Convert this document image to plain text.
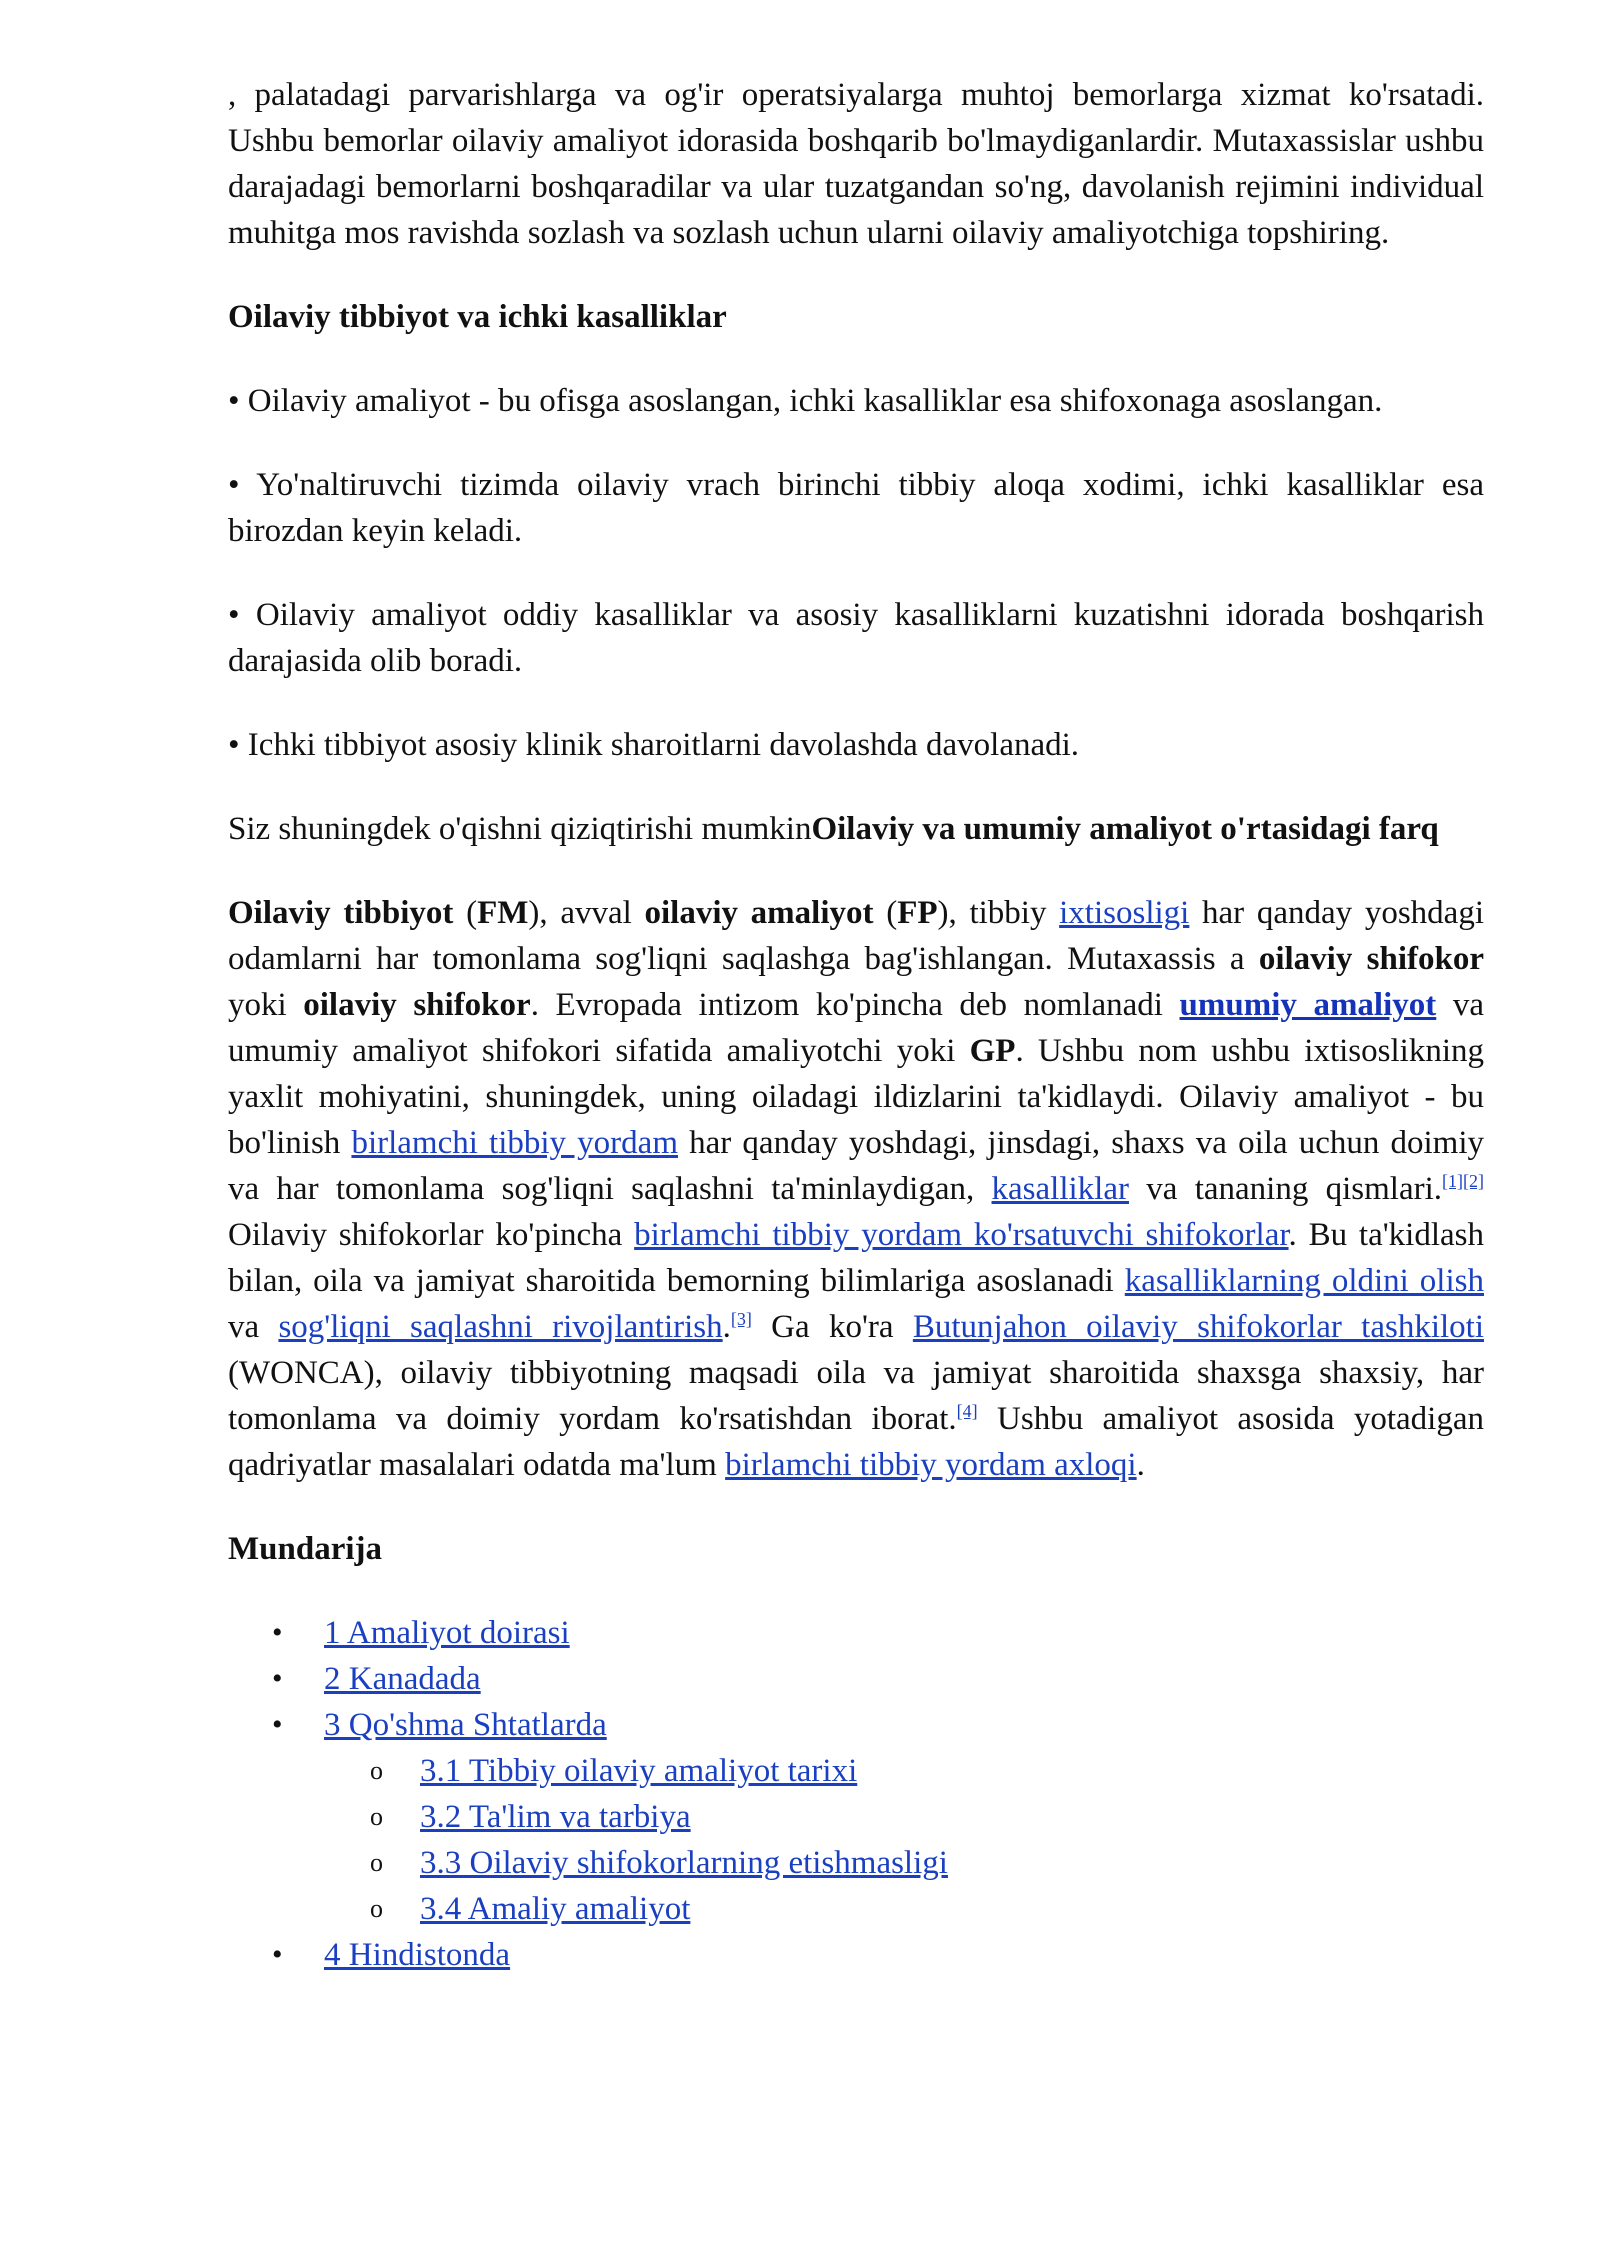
, palatadagi parvarishlarga va og'ir operatsiyalarga muhtoj bemorlarga xizmat ko'rsatadi. Ushbu bemorlar oilaviy amaliyot idorasida boshqarib bo'lmaydiganlardir. Mutaxassislar ushbu darajadagi bemorlarni boshqaradilar va ular tuzatgandan so'ng, davolanish rejimini individual muhitga mos ravishda sozlash va sozlash uchun ularni oilaviy amaliyotchiga topshiring.

Oilaviy tibbiyot va ichki kasalliklar

• Oilaviy amaliyot - bu ofisga asoslangan, ichki kasalliklar esa shifoxonaga asoslangan.

• Yo'naltiruvchi tizimda oilaviy vrach birinchi tibbiy aloqa xodimi, ichki kasalliklar esa birozdan keyin keladi.

• Oilaviy amaliyot oddiy kasalliklar va asosiy kasalliklarni kuzatishni idorada boshqarish darajasida olib boradi.

• Ichki tibbiyot asosiy klinik sharoitlarni davolashda davolanadi.

Siz shuningdek o'qishni qiziqtirishi mumkinOilaviy va umumiy amaliyot o'rtasidagi farq

Oilaviy tibbiyot (FM), avval oilaviy amaliyot (FP), tibbiy ixtisosligi har qanday yoshdagi odamlarni har tomonlama sog'liqni saqlashga bag'ishlangan. Mutaxassis a oilaviy shifokor yoki oilaviy shifokor. Evropada intizom ko'pincha deb nomlanadi umumiy amaliyot va umumiy amaliyot shifokori sifatida amaliyotchi yoki GP. Ushbu nom ushbu ixtisoslikning yaxlit mohiyatini, shuningdek, uning oiladagi ildizlarini ta'kidlaydi. Oilaviy amaliyot - bu bo'linish birlamchi tibbiy yordam har qanday yoshdagi, jinsdagi, shaxs va oila uchun doimiy va har tomonlama sog'liqni saqlashni ta'minlaydigan, kasalliklar va tananing qismlari.[1][2] Oilaviy shifokorlar ko'pincha birlamchi tibbiy yordam ko'rsatuvchi shifokorlar. Bu ta'kidlash bilan, oila va jamiyat sharoitida bemorning bilimlariga asoslanadi kasalliklarning oldini olish va sog'liqni saqlashni rivojlantirish.[3] Ga ko'ra Butunjahon oilaviy shifokorlar tashkiloti (WONCA), oilaviy tibbiyotning maqsadi oila va jamiyat sharoitida shaxsga shaxsiy, har tomonlama va doimiy yordam ko'rsatishdan iborat.[4] Ushbu amaliyot asosida yotadigan qadriyatlar masalalari odatda ma'lum birlamchi tibbiy yordam axloqi.

Mundarija
• 1 Amaliyot doirasi
• 2 Kanadada
• 3 Qo'shma Shtatlarda
o 3.1 Tibbiy oilaviy amaliyot tarixi
o 3.2 Ta'lim va tarbiya
o 3.3 Oilaviy shifokorlarning etishmasligi
o 3.4 Amaliy amaliyot
• 4 Hindistonda
